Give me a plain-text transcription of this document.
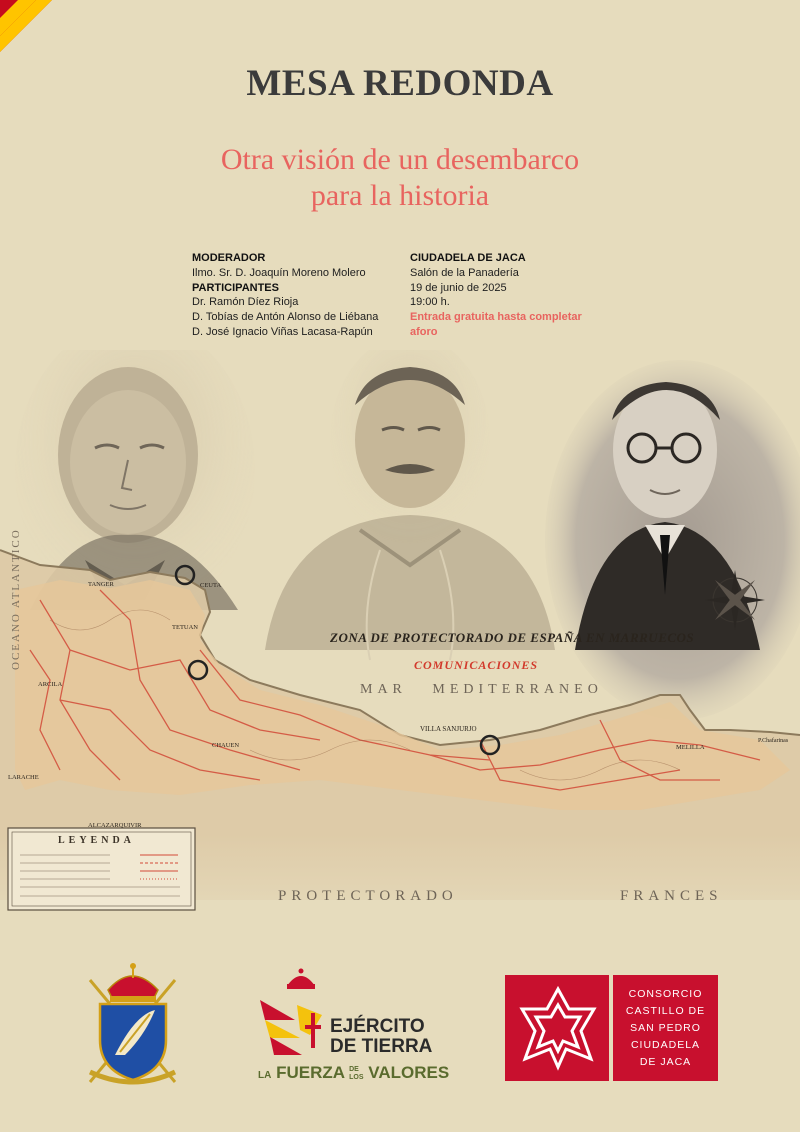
MESA REDONDA
Otra visión de un desembarco
para la historia
MODERADOR
Ilmo. Sr. D. Joaquín Moreno Molero
PARTICIPANTES
Dr. Ramón Díez Rioja
D. Tobías de Antón Alonso de Liébana
D. José Ignacio Viñas Lacasa-Rapún
CIUDADELA DE JACA
Salón de la Panadería
19 de junio de 2025
19:00 h.
Entrada gratuita hasta completar
aforo
ZONA DE PROTECTORADO DE ESPAÑA EN MARRUECOS
COMUNICACIONES
MAR   MEDITERRANEO
OCEANO ATLANTICO
PROTECTORADO	FRANCES
LEYENDA
TANGER	CEUTA
TETUAN
ARCILA
LARACHE
ALCAZARQUIVIR
CHAUEN
VILLA SANJURJO
MELILLA
P.Chafarinas
EJÉRCITO
DE TIERRA
LA FUERZA DE
LOS VALORES
CONSORCIO
CASTILLO DE
SAN PEDRO
CIUDADELA
DE JACA
